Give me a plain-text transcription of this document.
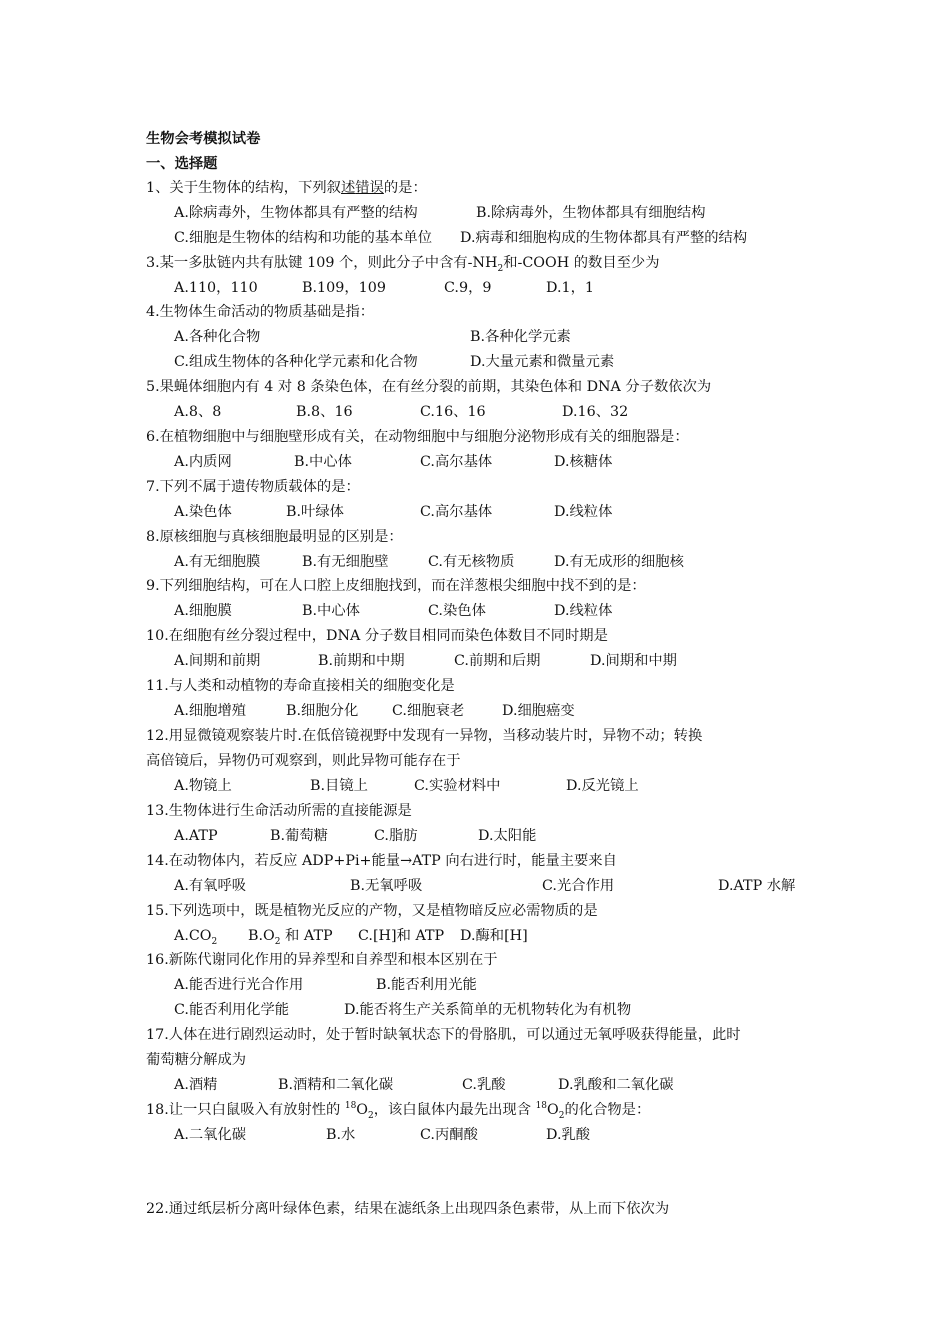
生物会考模拟试卷
一、选择题
1、关于生物体的结构，下列叙述错误的是：
A.除病毒外，生物体都具有严整的结构	B.除病毒外，生物体都具有细胞结构
C.细胞是生物体的结构和功能的基本单位 D.病毒和细胞构成的生物体都具有严整的结构
3.某一多肽链内共有肽键 109 个，则此分子中含有$-NH_2$和-COOH 的数目至少为
A.110，110	B.109，109	C.9，9	D.1，1
4.生物体生命活动的物质基础是指：
A.各种化合物	B.各种化学元素
C.组成生物体的各种化学元素和化合物	D.大量元素和微量元素
5.果蝇体细胞内有 4 对 8 条染色体，在有丝分裂的前期，其染色体和 DNA 分子数依次为
A.8、8	B.8、16	C.16、16	D.16、32
6.在植物细胞中与细胞壁形成有关，在动物细胞中与细胞分泌物形成有关的细胞器是：
A.内质网	B.中心体	C.高尔基体	D.核糖体
7.下列不属于遗传物质载体的是：
A.染色体	B.叶绿体	C.高尔基体	D.线粒体
8.原核细胞与真核细胞最明显的区别是：
A.有无细胞膜	B.有无细胞壁	C.有无核物质	D.有无成形的细胞核
9.下列细胞结构，可在人口腔上皮细胞找到，而在洋葱根尖细胞中找不到的是：
A.细胞膜	B.中心体	C.染色体	D.线粒体
10.在细胞有丝分裂过程中，DNA 分子数目相同而染色体数目不同时期是
A.间期和前期	B.前期和中期	C.前期和后期	D.间期和中期
11.与人类和动植物的寿命直接相关的细胞变化是
A.细胞增殖	B.细胞分化 C.细胞衰老	D.细胞癌变
12.用显微镜观察装片时.在低倍镜视野中发现有一异物，当移动装片时，异物不动；转换
高倍镜后，异物仍可观察到，则此异物可能存在于
A.物镜上	B.目镜上	C.实验材料中	D.反光镜上
13.生物体进行生命活动所需的直接能源是
A.ATP	B.葡萄糖	C.脂肪	D.太阳能
14.在动物体内，若反应 ADP+Pi+能量→ATP 向右进行时，能量主要来自
A.有氧呼吸	B.无氧呼吸	C.光合作用	D.ATP 水解
15.下列选项中，既是植物光反应的产物，又是植物暗反应必需物质的是
$A.CO_2$ $B.O_2$ 和 ATP C.[H]和 ATP D.酶和[H]
16.新陈代谢同化作用的异养型和自养型和根本区别在于
A.能否进行光合作用	B.能否利用光能
C.能否利用化学能	D.能否将生产关系简单的无机物转化为有机物
17.人体在进行剧烈运动时，处于暂时缺氧状态下的骨胳肌，可以通过无氧呼吸获得能量，此时
葡萄糖分解成为
A.酒精	B.酒精和二氧化碳	C.乳酸	D.乳酸和二氧化碳
18.让一只白鼠吸入有放射性的 $^{18}O_2$，该白鼠体内最先出现含 $^{18}O_2$的化合物是：
A.二氧化碳	B.水	C.丙酮酸	D.乳酸
22.通过纸层析分离叶绿体色素，结果在滤纸条上出现四条色素带，从上而下依次为
